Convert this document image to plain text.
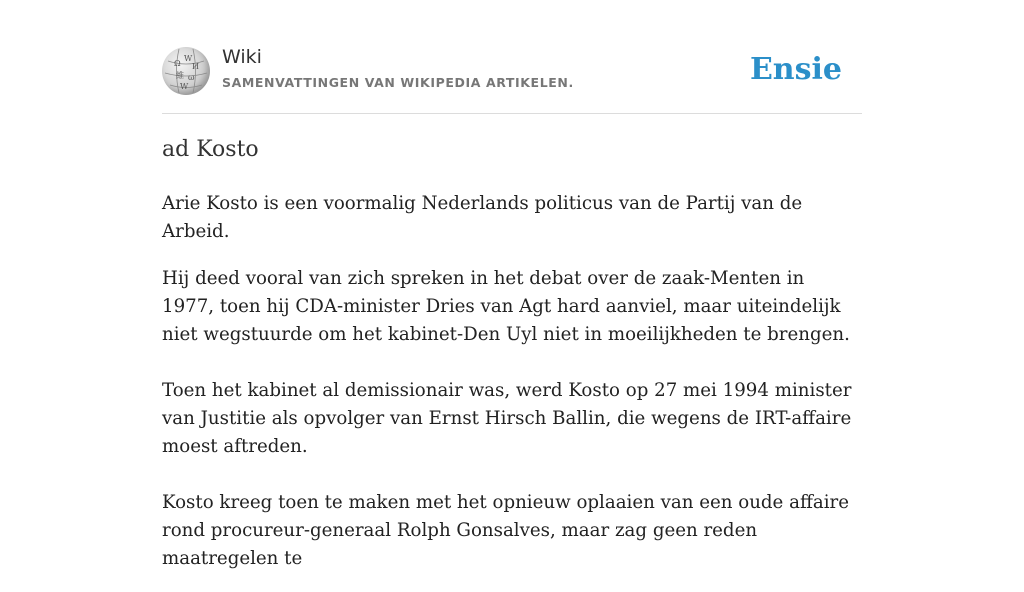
Ω
W
И
維 ω
W
Wiki
SAMENVATTINGEN VAN WIKIPEDIA ARTIKELEN.	Ensie
ad Kosto

Arie Kosto is een voormalig Nederlands politicus van de Partij van de Arbeid.

Hij deed vooral van zich spreken in het debat over de zaak-Menten in 1977, toen hij CDA-minister Dries van Agt hard aanviel, maar uiteindelijk niet wegstuurde om het kabinet-Den Uyl niet in moeilijkheden te brengen.

Toen het kabinet al demissionair was, werd Kosto op 27 mei 1994 minister van Justitie als opvolger van Ernst Hirsch Ballin, die wegens de IRT-affaire moest aftreden.

Kosto kreeg toen te maken met het opnieuw oplaaien van een oude affaire rond procureur-generaal Rolph Gonsalves, maar zag geen reden maatregelen te
